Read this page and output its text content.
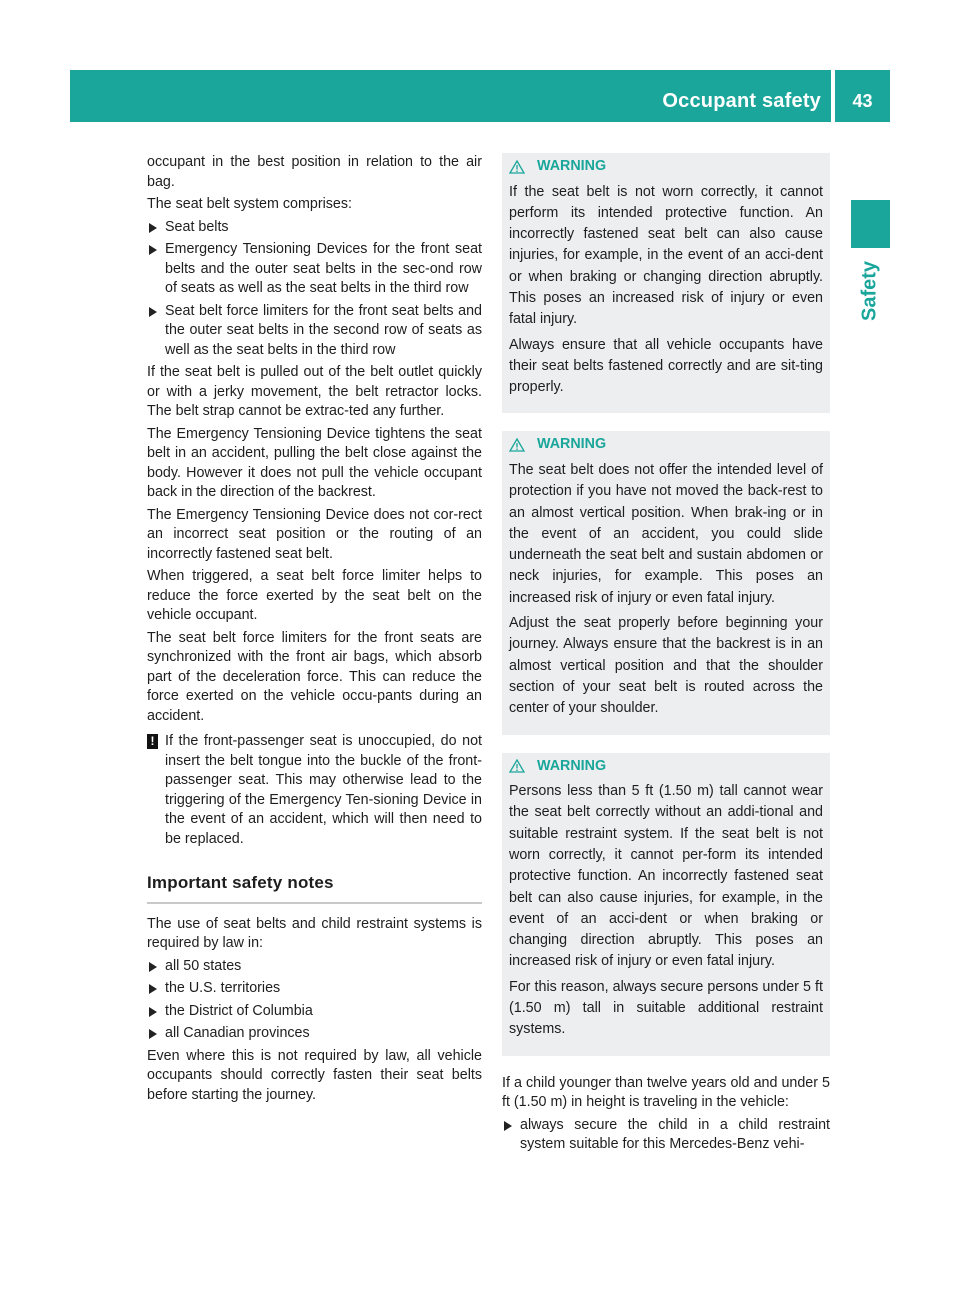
Occupant safety	43
Safety

occupant in the best position in relation to the air bag.

The seat belt system comprises:

Seat belts
Emergency Tensioning Devices for the front seat belts and the outer seat belts in the sec-ond row of seats as well as the seat belts in the third row
Seat belt force limiters for the front seat belts and the outer seat belts in the second row of seats as well as the seat belts in the third row

If the seat belt is pulled out of the belt outlet quickly or with a jerky movement, the belt retractor locks. The belt strap cannot be extrac-ted any further.

The Emergency Tensioning Device tightens the seat belt in an accident, pulling the belt close against the body. However it does not pull the vehicle occupant back in the direction of the backrest.

The Emergency Tensioning Device does not cor-rect an incorrect seat position or the routing of an incorrectly fastened seat belt.

When triggered, a seat belt force limiter helps to reduce the force exerted by the seat belt on the vehicle occupant.

The seat belt force limiters for the front seats are synchronized with the front air bags, which absorb part of the deceleration force. This can reduce the force exerted on the vehicle occu-pants during an accident.

! If the front-passenger seat is unoccupied, do not insert the belt tongue into the buckle of the front-passenger seat. This may otherwise lead to the triggering of the Emergency Ten-sioning Device in the event of an accident, which will then need to be replaced.
Important safety notes

The use of seat belts and child restraint systems is required by law in:

all 50 states
the U.S. territories
the District of Columbia
all Canadian provinces

Even where this is not required by law, all vehicle occupants should correctly fasten their seat belts before starting the journey.

WARNING

If the seat belt is not worn correctly, it cannot perform its intended protective function. An incorrectly fastened seat belt can also cause injuries, for example, in the event of an acci-dent or when braking or changing direction abruptly. This poses an increased risk of injury or even fatal injury.

Always ensure that all vehicle occupants have their seat belts fastened correctly and are sit-ting properly.

WARNING

The seat belt does not offer the intended level of protection if you have not moved the back-rest to an almost vertical position. When brak-ing or in the event of an accident, you could slide underneath the seat belt and sustain abdomen or neck injuries, for example. This poses an increased risk of injury or even fatal injury.

Adjust the seat properly before beginning your journey. Always ensure that the backrest is in an almost vertical position and that the shoulder section of your seat belt is routed across the center of your shoulder.

WARNING

Persons less than 5 ft (1.50 m) tall cannot wear the seat belt correctly without an addi-tional and suitable restraint system. If the seat belt is not worn correctly, it cannot per-form its intended protective function. An incorrectly fastened seat belt can also cause injuries, for example, in the event of an acci-dent or when braking or changing direction abruptly. This poses an increased risk of injury or even fatal injury.

For this reason, always secure persons under 5 ft (1.50 m) tall in suitable additional restraint systems.

If a child younger than twelve years old and under 5 ft (1.50 m) in height is traveling in the vehicle:

always secure the child in a child restraint system suitable for this Mercedes-Benz vehi-
